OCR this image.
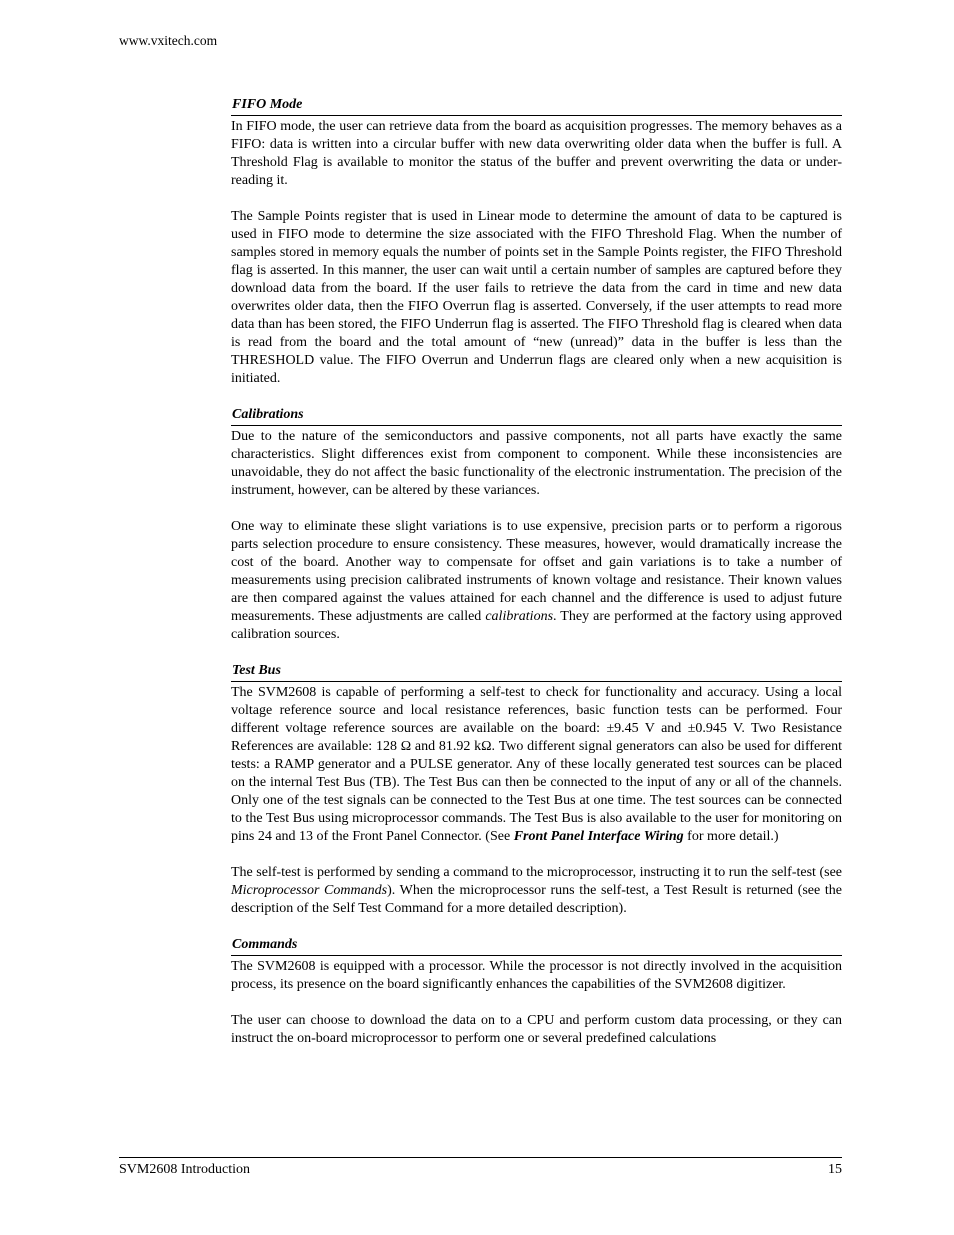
www.vxitech.com
FIFO Mode

In FIFO mode, the user can retrieve data from the board as acquisition progresses. The memory behaves as a FIFO: data is written into a circular buffer with new data overwriting older data when the buffer is full. A Threshold Flag is available to monitor the status of the buffer and prevent overwriting the data or under-reading it.

The Sample Points register that is used in Linear mode to determine the amount of data to be captured is used in FIFO mode to determine the size associated with the FIFO Threshold Flag. When the number of samples stored in memory equals the number of points set in the Sample Points register, the FIFO Threshold flag is asserted. In this manner, the user can wait until a certain number of samples are captured before they download data from the board. If the user fails to retrieve the data from the card in time and new data overwrites older data, then the FIFO Overrun flag is asserted. Conversely, if the user attempts to read more data than has been stored, the FIFO Underrun flag is asserted. The FIFO Threshold flag is cleared when data is read from the board and the total amount of “new (unread)” data in the buffer is less than the THRESHOLD value. The FIFO Overrun and Underrun flags are cleared only when a new acquisition is initiated.

Calibrations

Due to the nature of the semiconductors and passive components, not all parts have exactly the same characteristics. Slight differences exist from component to component. While these inconsistencies are unavoidable, they do not affect the basic functionality of the electronic instrumentation. The precision of the instrument, however, can be altered by these variances.

One way to eliminate these slight variations is to use expensive, precision parts or to perform a rigorous parts selection procedure to ensure consistency. These measures, however, would dramatically increase the cost of the board. Another way to compensate for offset and gain variations is to take a number of measurements using precision calibrated instruments of known voltage and resistance. Their known values are then compared against the values attained for each channel and the difference is used to adjust future measurements. These adjustments are called calibrations. They are performed at the factory using approved calibration sources.

Test Bus

The SVM2608 is capable of performing a self-test to check for functionality and accuracy. Using a local voltage reference source and local resistance references, basic function tests can be performed. Four different voltage reference sources are available on the board: ±9.45 V and ±0.945 V. Two Resistance References are available: 128 Ω and 81.92 kΩ. Two different signal generators can also be used for different tests: a RAMP generator and a PULSE generator. Any of these locally generated test sources can be placed on the internal Test Bus (TB). The Test Bus can then be connected to the input of any or all of the channels. Only one of the test signals can be connected to the Test Bus at one time. The test sources can be connected to the Test Bus using microprocessor commands. The Test Bus is also available to the user for monitoring on pins 24 and 13 of the Front Panel Connector. (See Front Panel Interface Wiring for more detail.)

The self-test is performed by sending a command to the microprocessor, instructing it to run the self-test (see Microprocessor Commands). When the microprocessor runs the self-test, a Test Result is returned (see the description of the Self Test Command for a more detailed description).

Commands

The SVM2608 is equipped with a processor. While the processor is not directly involved in the acquisition process, its presence on the board significantly enhances the capabilities of the SVM2608 digitizer.

The user can choose to download the data on to a CPU and perform custom data processing, or they can instruct the on-board microprocessor to perform one or several predefined calculations

SVM2608 Introduction	15
